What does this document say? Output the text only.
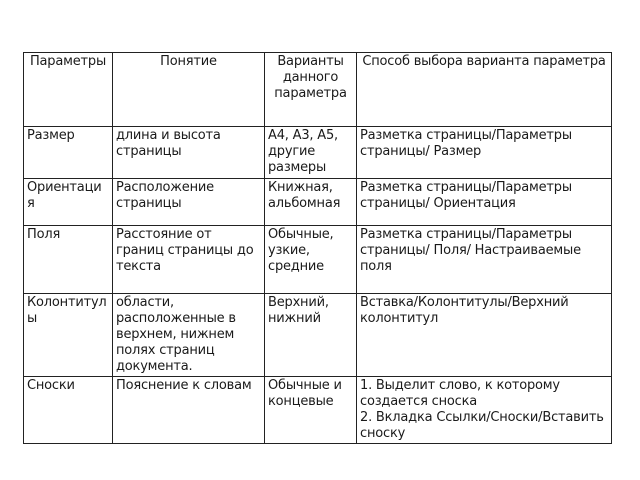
Параметры	Понятие	Варианты данного параметра	Способ выбора варианта параметра
Размер	длина и высота страницы	А4, А3, А5, другие размеры	Разметка страницы/Параметры страницы/ Размер
Ориентация	Расположение страницы	Книжная, альбомная	Разметка страницы/Параметры страницы/ Ориентация
Поля	Расстояние от границ страницы до текста	Обычные, узкие, средние	Разметка страницы/Параметры страницы/ Поля/ Настраиваемые поля
Колонтитулы	области, расположенные в верхнем, нижнем полях страниц документа.	Верхний, нижний	Вставка/Колонтитулы/Верхний колонтитул
Сноски	Пояснение к словам	Обычные и концевые	1. Выделит слово, к которому создается сноска
2. Вкладка Ссылки/Сноски/Вставить сноску
